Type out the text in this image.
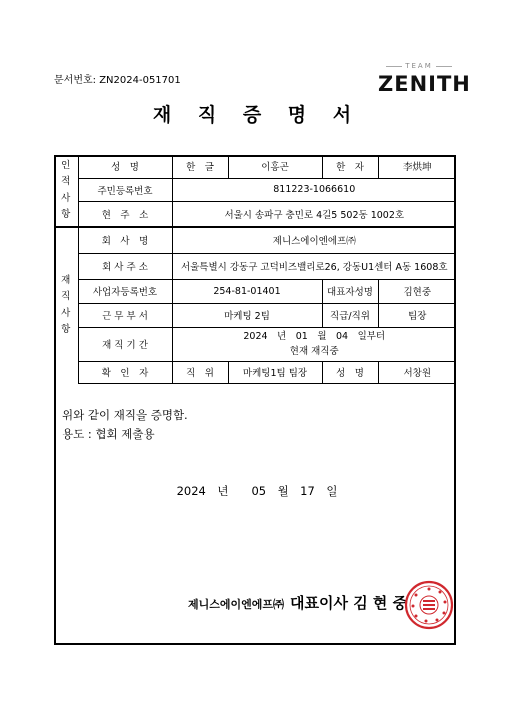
문서번호: ZN2024-051701
TEAM
ZENITH
재 직 증 명 서
인
적
사
항	성　명	한　글	이홍곤	한　자	李烘坤
	주민등록번호	811223-1066610			
	현　주　소	서울시 송파구 충민로 4길5 502동 1002호			
재
직
사
항	회　사　명	제니스에이엔에프㈜			
	회 사 주 소	서울특별시 강동구 고덕비즈밸리로26, 강동U1센터 A동 1608호			
	사업자등록번호	254-81-01401		대표자성명	김현중
	근 무 부 서	마케팅 2팀		직급/직위	팀장
	재 직 기 간	2024　년　01　월　04　일부터
현재 재직중			

	확　인　자	직　위	마케팅1팀 팀장	성　명	서창원

위와 같이 재직을 증명함.
용도 : 협회 제출용
2024　년　　05　월　17　일
제니스에이엔에프㈜ 대표이사 김 현 중
